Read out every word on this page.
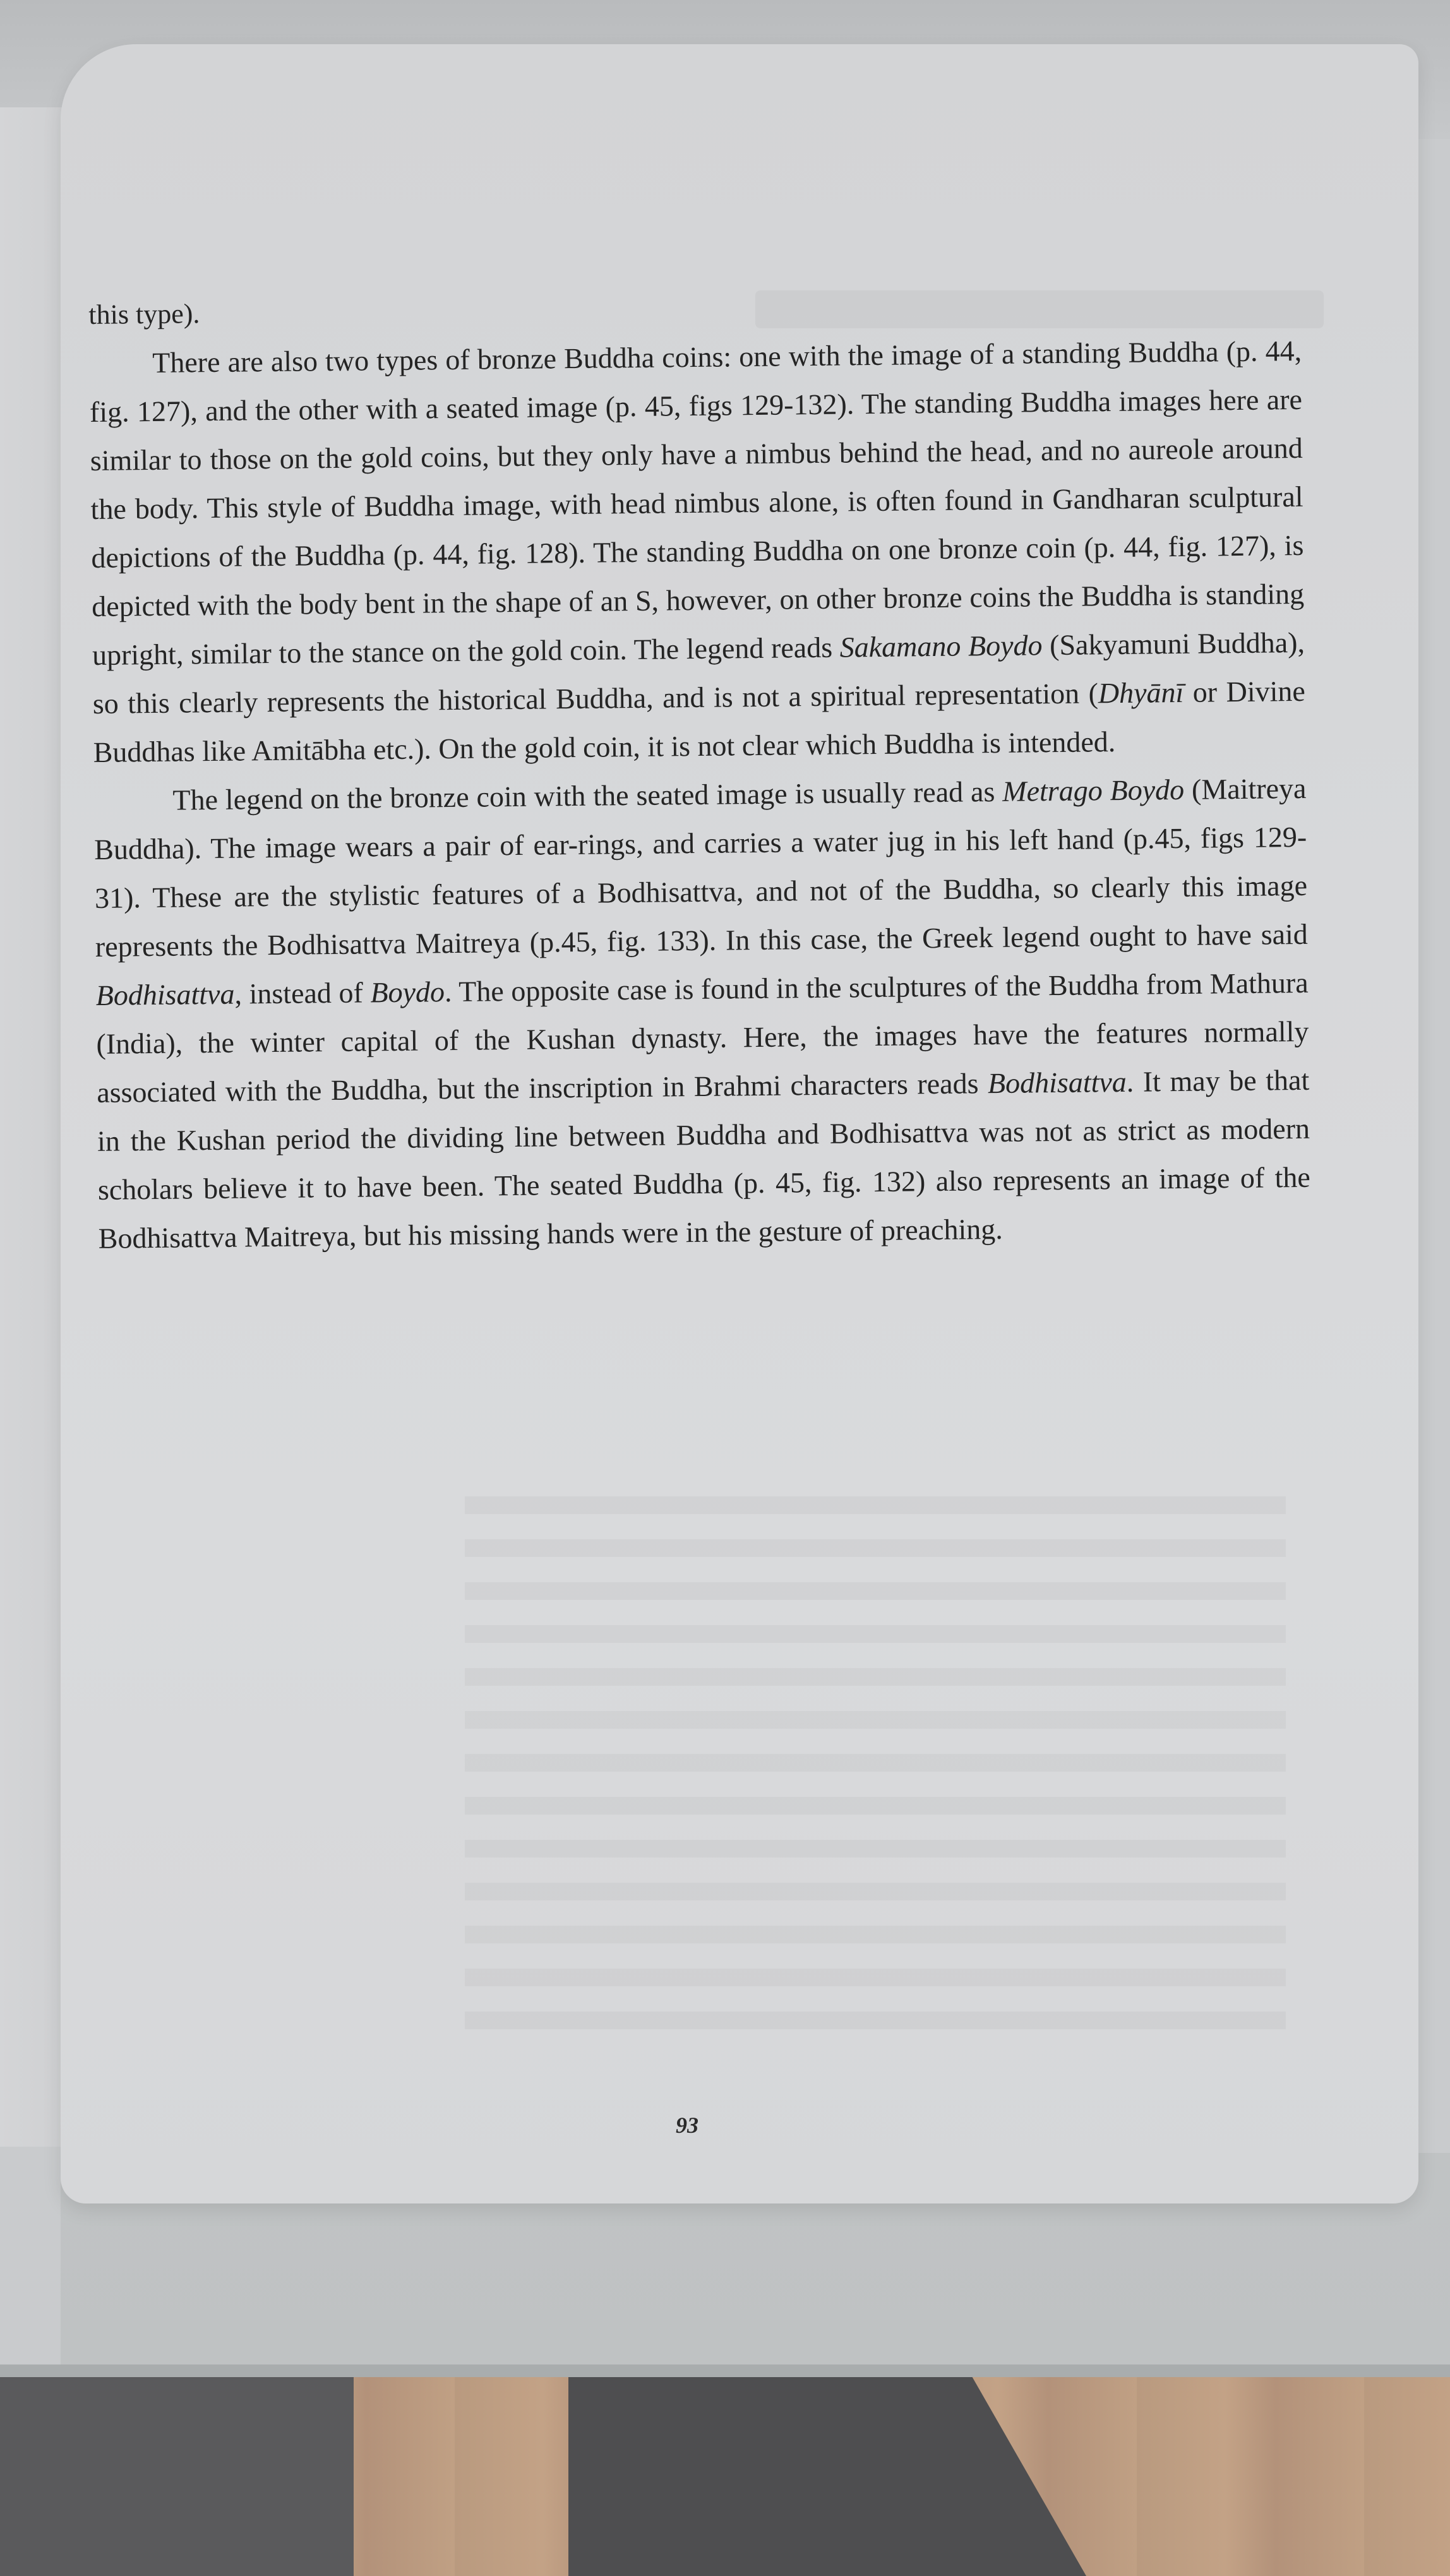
this type).

There are also two types of bronze Buddha coins: one with the image of a standing Buddha (p. 44, fig. 127), and the other with a seated image (p. 45, figs 129-132). The standing Buddha images here are similar to those on the gold coins, but they only have a nimbus behind the head, and no aureole around the body. This style of Buddha image, with head nimbus alone, is often found in Gandharan sculptural depictions of the Buddha (p. 44, fig. 128). The standing Buddha on one bronze coin (p. 44, fig. 127), is depicted with the body bent in the shape of an S, however, on other bronze coins the Buddha is standing upright, similar to the stance on the gold coin. The legend reads Sakamano Boydo (Sakyamuni Buddha), so this clearly represents the historical Buddha, and is not a spiritual representation (Dhyānī or Divine Buddhas like Amitābha etc.). On the gold coin, it is not clear which Buddha is intended.

The legend on the bronze coin with the seated image is usually read as Metrago Boydo (Maitreya Buddha). The image wears a pair of ear-rings, and carries a water jug in his left hand (p.45, figs 129-31). These are the stylistic features of a Bodhisattva, and not of the Buddha, so clearly this image represents the Bodhisattva Maitreya (p.45, fig. 133). In this case, the Greek legend ought to have said Bodhisattva, instead of Boydo. The opposite case is found in the sculptures of the Buddha from Mathura (India), the winter capital of the Kushan dynasty. Here, the images have the features normally associated with the Buddha, but the inscription in Brahmi characters reads Bodhisattva. It may be that in the Kushan period the dividing line between Buddha and Bodhisattva was not as strict as modern scholars believe it to have been. The seated Buddha (p. 45, fig. 132) also represents an image of the Bodhisattva Maitreya, but his missing hands were in the gesture of preaching.

93
